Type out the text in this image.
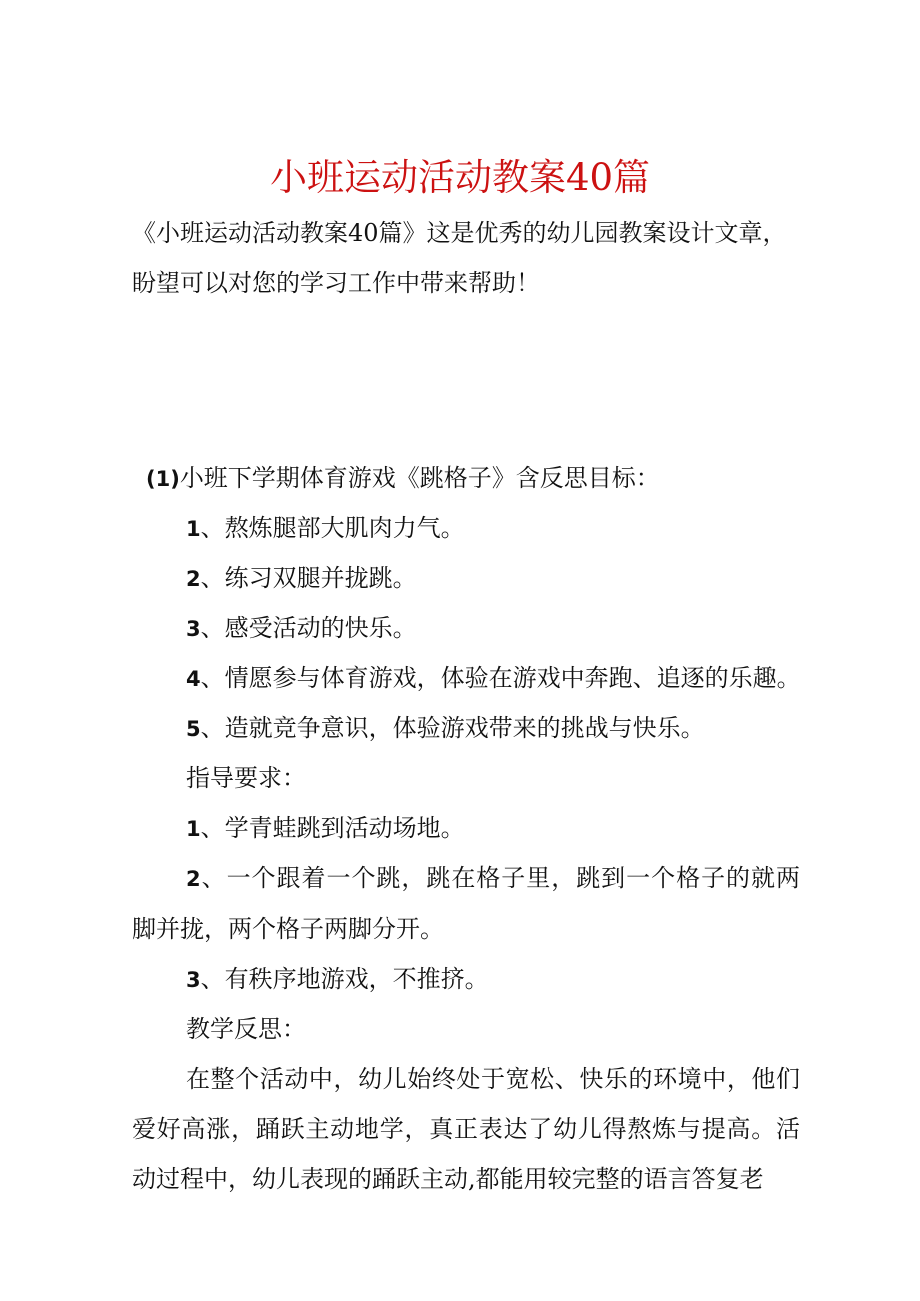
小班运动活动教案40篇
《小班运动活动教案40篇》这是优秀的幼儿园教案设计文章，盼望可以对您的学习工作中带来帮助！
(1)小班下学期体育游戏《跳格子》含反思目标：
1、熬炼腿部大肌肉力气。
2、练习双腿并拢跳。
3、感受活动的快乐。
4、情愿参与体育游戏，体验在游戏中奔跑、追逐的乐趣。
5、造就竞争意识，体验游戏带来的挑战与快乐。
指导要求：
1、学青蛙跳到活动场地。
2、一个跟着一个跳，跳在格子里，跳到一个格子的就两脚并拢，两个格子两脚分开。
3、有秩序地游戏，不推挤。
教学反思：
在整个活动中，幼儿始终处于宽松、快乐的环境中，他们爱好高涨，踊跃主动地学，真正表达了幼儿得熬炼与提高。活动过程中，幼儿表现的踊跃主动,都能用较完整的语言答复老
